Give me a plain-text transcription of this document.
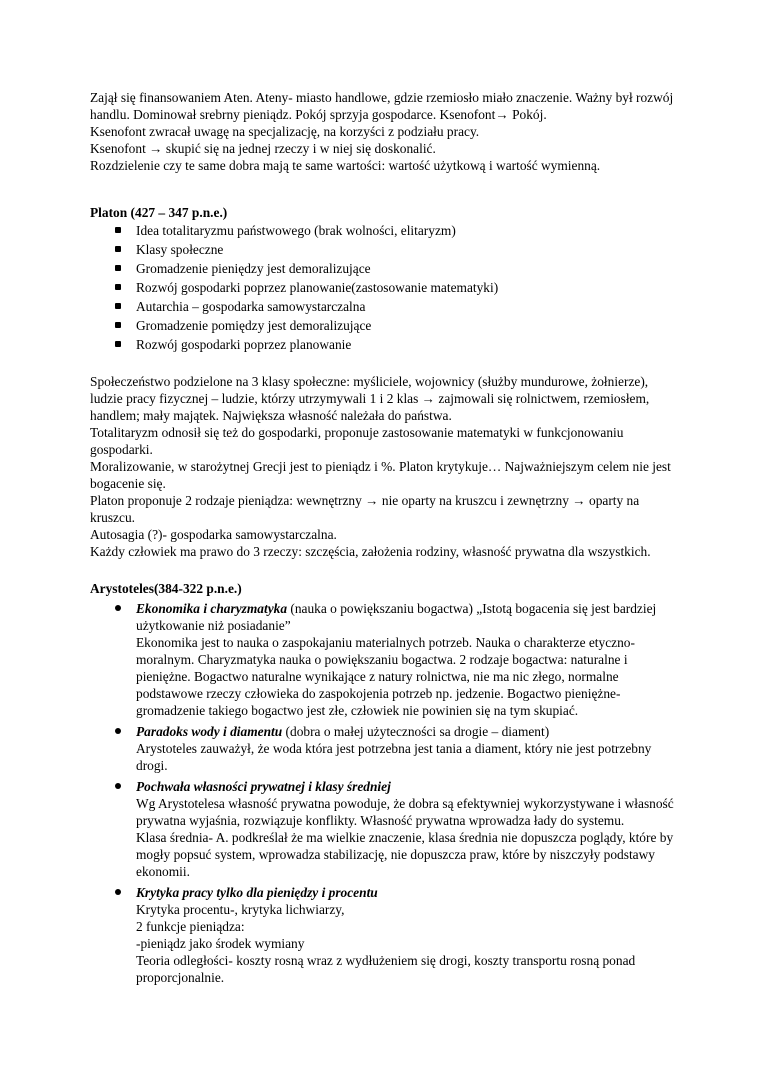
Zajął się finansowaniem Aten. Ateny- miasto handlowe, gdzie rzemiosło miało znaczenie. Ważny był rozwój handlu. Dominował srebrny pieniądz. Pokój sprzyja gospodarce. Ksenofont→ Pokój.

Ksenofont zwracał uwagę na specjalizację, na korzyści z podziału pracy.

Ksenofont → skupić się na jednej rzeczy i w niej się doskonalić.

Rozdzielenie czy te same dobra mają te same wartości: wartość użytkową i wartość wymienną.

Platon (427 – 347 p.n.e.)

Idea totalitaryzmu państwowego (brak wolności, elitaryzm)
Klasy społeczne
Gromadzenie pieniędzy jest demoralizujące
Rozwój gospodarki poprzez planowanie(zastosowanie matematyki)
Autarchia – gospodarka samowystarczalna
Gromadzenie pomiędzy jest demoralizujące
Rozwój gospodarki poprzez planowanie

Społeczeństwo podzielone na 3 klasy społeczne: myśliciele, wojownicy (służby mundurowe, żołnierze), ludzie pracy fizycznej – ludzie, którzy utrzymywali 1 i 2 klas → zajmowali się rolnictwem, rzemiosłem, handlem; mały majątek. Największa własność należała do państwa.

Totalitaryzm odnosił się też do gospodarki, proponuje zastosowanie matematyki w funkcjonowaniu gospodarki.

Moralizowanie, w starożytnej Grecji jest to pieniądz i %. Platon krytykuje… Najważniejszym celem nie jest bogacenie się.

Platon proponuje 2 rodzaje pieniądza: wewnętrzny → nie oparty na kruszcu i zewnętrzny → oparty na kruszcu.

Autosagia (?)- gospodarka samowystarczalna.

Każdy człowiek ma prawo do 3 rzeczy: szczęścia, założenia rodziny, własność prywatna dla wszystkich.

Arystoteles(384-322 p.n.e.)

Ekonomika i charyzmatyka (nauka o powiększaniu bogactwa) „Istotą bogacenia się jest bardziej użytkowanie niż posiadanie”
Ekonomika jest to nauka o zaspokajaniu materialnych potrzeb. Nauka o charakterze etyczno-moralnym. Charyzmatyka nauka o powiększaniu bogactwa. 2 rodzaje bogactwa: naturalne i pieniężne. Bogactwo naturalne wynikające z natury rolnictwa, nie ma nic złego, normalne podstawowe rzeczy człowieka do zaspokojenia potrzeb np. jedzenie. Bogactwo pieniężne- gromadzenie takiego bogactwo jest złe, człowiek nie powinien się na tym skupiać.
Paradoks wody i diamentu (dobra o małej użyteczności sa drogie – diament)
Arystoteles zauważył, że woda która jest potrzebna jest tania a diament, który nie jest potrzebny drogi.
Pochwała własności prywatnej i klasy średniej
Wg Arystotelesa własność prywatna powoduje, że dobra są efektywniej wykorzystywane i własność prywatna wyjaśnia, rozwiązuje konflikty. Własność prywatna wprowadza łady do systemu.
Klasa średnia- A. podkreślał że ma wielkie znaczenie, klasa średnia nie dopuszcza poglądy, które by mogły popsuć system, wprowadza stabilizację, nie dopuszcza praw, które by niszczyły podstawy ekonomii.
Krytyka pracy tylko dla pieniędzy i procentu
Krytyka procentu-, krytyka lichwiarzy,
2 funkcje pieniądza:
-pieniądz jako środek wymiany
Teoria odległości- koszty rosną wraz z wydłużeniem się drogi, koszty transportu rosną ponad proporcjonalnie.
